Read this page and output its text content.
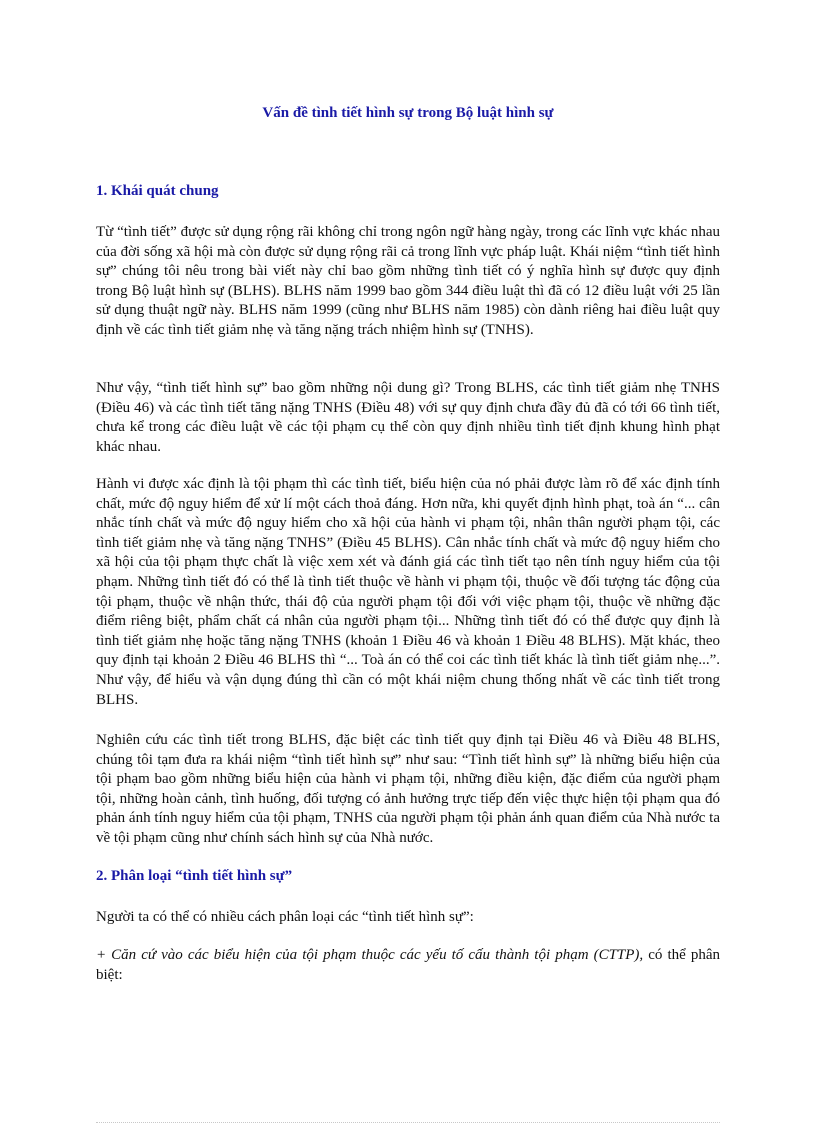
Vấn đề tình tiết hình sự trong Bộ luật hình sự
1. Khái quát chung

Từ “tình tiết” được sử dụng rộng rãi không chỉ trong ngôn ngữ hàng ngày, trong các lĩnh vực khác nhau của đời sống xã hội mà còn được sử dụng rộng rãi cả trong lĩnh vực pháp luật. Khái niệm “tình tiết hình sự” chúng tôi nêu trong bài viết này chỉ bao gồm những tình tiết có ý nghĩa hình sự được quy định trong Bộ luật hình sự (BLHS). BLHS năm 1999 bao gồm 344 điều luật thì đã có 12 điều luật với 25 lần sử dụng thuật ngữ này. BLHS năm 1999 (cũng như BLHS năm 1985) còn dành riêng hai điều luật quy định về các tình tiết giảm nhẹ và tăng nặng trách nhiệm hình sự (TNHS).

Như vậy, “tình tiết hình sự” bao gồm những nội dung gì? Trong BLHS, các tình tiết giảm nhẹ TNHS (Điều 46) và các tình tiết tăng nặng TNHS (Điều 48) với sự quy định chưa đầy đủ đã có tới 66 tình tiết, chưa kể trong các điều luật về các tội phạm cụ thể còn quy định nhiều tình tiết định khung hình phạt khác nhau.

Hành vi được xác định là tội phạm thì các tình tiết, biểu hiện của nó phải được làm rõ để xác định tính chất, mức độ nguy hiểm để xử lí một cách thoả đáng. Hơn nữa, khi quyết định hình phạt, toà án “... cân nhắc tính chất và mức độ nguy hiểm cho xã hội của hành vi phạm tội, nhân thân người phạm tội, các tình tiết giảm nhẹ và tăng nặng TNHS” (Điều 45 BLHS). Cân nhắc tính chất và mức độ nguy hiểm cho xã hội của tội phạm thực chất là việc xem xét và đánh giá các tình tiết tạo nên tính nguy hiểm của tội phạm. Những tình tiết đó có thể là tình tiết thuộc về hành vi phạm tội, thuộc về đối tượng tác động của tội phạm, thuộc về nhận thức, thái độ của người phạm tội đối với việc phạm tội, thuộc về những đặc điểm riêng biệt, phẩm chất cá nhân của người phạm tội... Những tình tiết đó có thể được quy định là tình tiết giảm nhẹ hoặc tăng nặng TNHS (khoản 1 Điều 46 và khoản 1 Điều 48 BLHS). Mặt khác, theo quy định tại khoản 2 Điều 46 BLHS thì “... Toà án có thể coi các tình tiết khác là tình tiết giảm nhẹ...”. Như vậy, để hiểu và vận dụng đúng thì cần có một khái niệm chung thống nhất về các tình tiết trong BLHS.

Nghiên cứu các tình tiết trong BLHS, đặc biệt các tình tiết quy định tại Điều 46 và Điều 48 BLHS, chúng tôi tạm đưa ra khái niệm “tình tiết hình sự” như sau: “Tình tiết hình sự” là những biểu hiện của tội phạm bao gồm những biểu hiện của hành vi phạm tội, những điều kiện, đặc điểm của người phạm tội, những hoàn cảnh, tình huống, đối tượng có ảnh hưởng trực tiếp đến việc thực hiện tội phạm qua đó phản ánh tính nguy hiểm của tội phạm, TNHS của người phạm tội phản ánh quan điểm của Nhà nước ta về tội phạm cũng như chính sách hình sự của Nhà nước.

2. Phân loại “tình tiết hình sự”

Người ta có thể có nhiều cách phân loại các “tình tiết hình sự”:

+ Căn cứ vào các biểu hiện của tội phạm thuộc các yếu tố cấu thành tội phạm (CTTP), có thể phân biệt:
